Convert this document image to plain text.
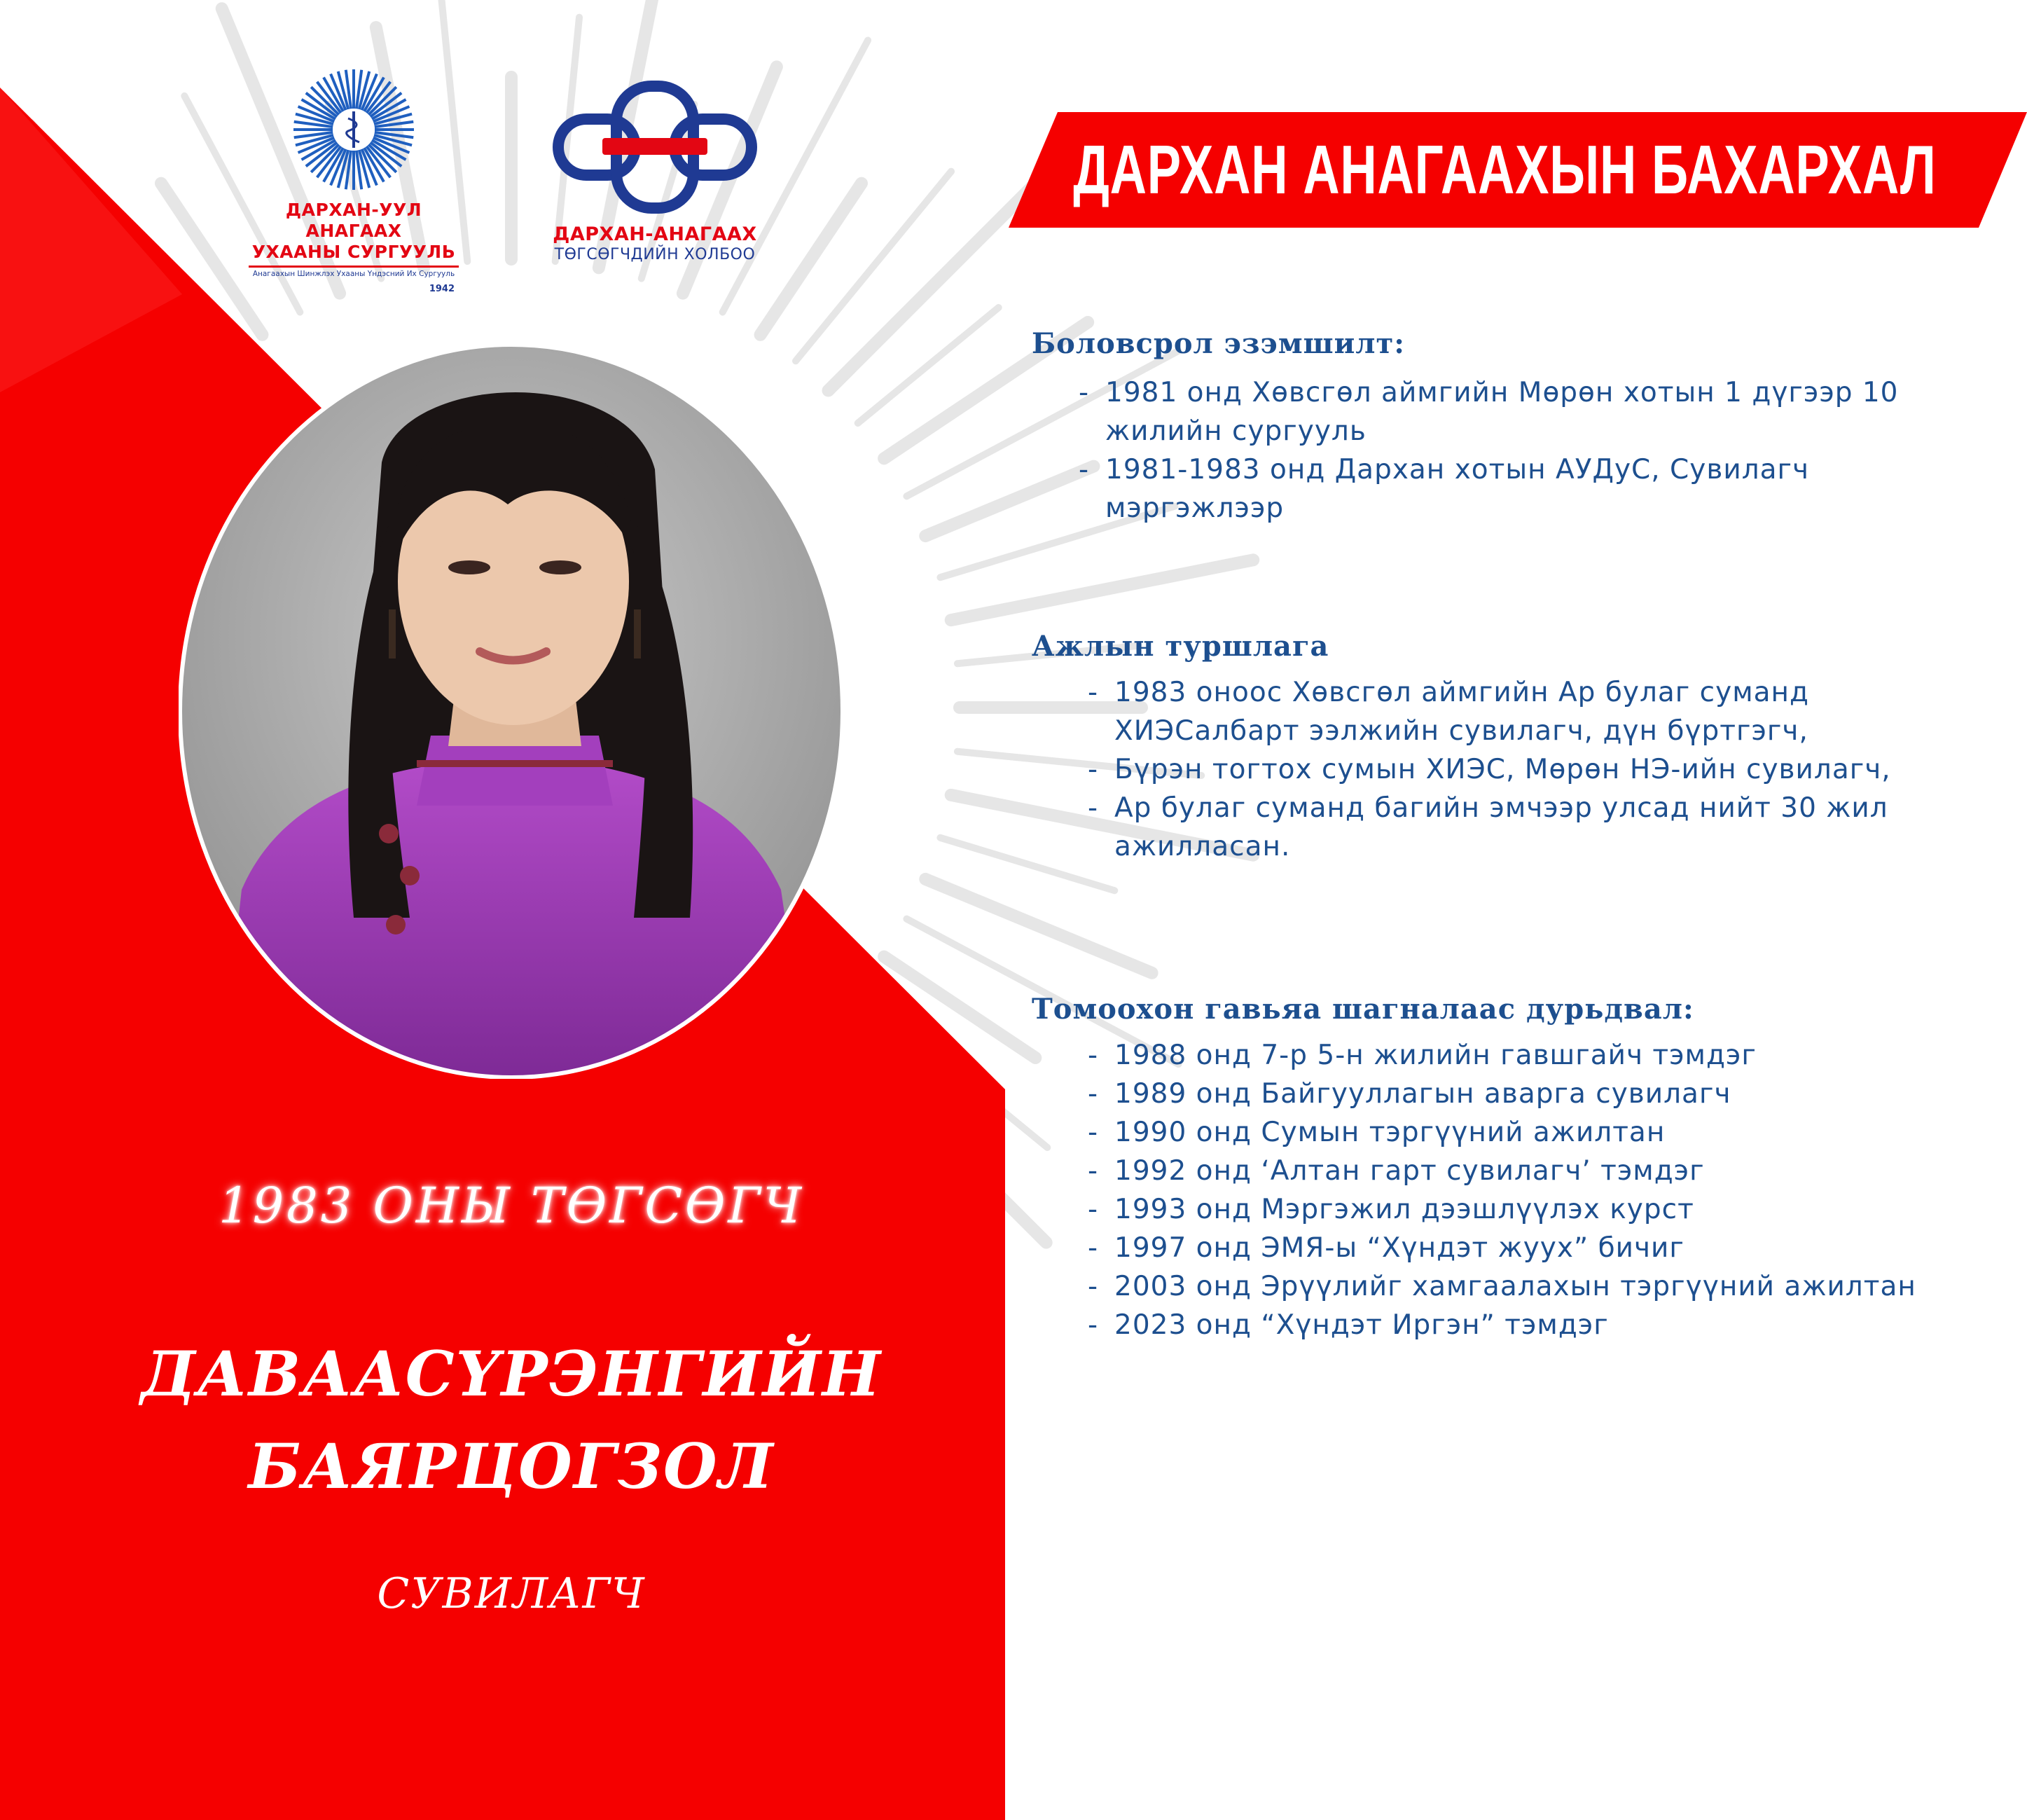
ДАРХАН-УУЛ АНАГААХ
УХААНЫ СУРГУУЛЬ
Анагаахын Шинжлэх Ухааны Үндэсний Их Сургууль
1942
ДАРХАН-АНАГААХ
ТӨГСӨГЧДИЙН ХОЛБОО
ДАРХАН АНАГААХЫН БАХАРХАЛ
1983 ОНЫ ТӨГСӨГЧ
ДАВААСҮРЭНГИЙН
БАЯРЦОГЗОЛ
СУВИЛАГЧ
Боловсрол эзэмшилт:
- 1981 онд Хөвсгөл аймгийн Мөрөн хотын 1 дүгээр 10
жилийн сургууль
- 1981-1983 онд Дархан хотын АУДуС, Сувилагч
мэргэжлээр
Ажлын туршлага
- 1983 оноос Хөвсгөл аймгийн Ар булаг суманд
ХИЭСалбарт ээлжийн сувилагч, дүн бүртгэгч,
- Бүрэн тогтох сумын ХИЭС, Мөрөн НЭ-ийн сувилагч,
- Ар булаг суманд багийн эмчээр улсад нийт 30 жил
ажилласан.
Томоохон гавьяа шагналаас дурьдвал:
- 1988 онд 7-р 5-н жилийн гавшгайч тэмдэг
- 1989 онд Байгууллагын аварга сувилагч
- 1990 онд Сумын тэргүүний ажилтан
- 1992 онд ‘Алтан гарт сувилагч’ тэмдэг
- 1993 онд Мэргэжил дээшлүүлэх курст
- 1997 онд ЭМЯ-ы “Хүндэт жуух” бичиг
- 2003 онд Эрүүлийг хамгаалахын тэргүүний ажилтан
- 2023 онд “Хүндэт Иргэн” тэмдэг
